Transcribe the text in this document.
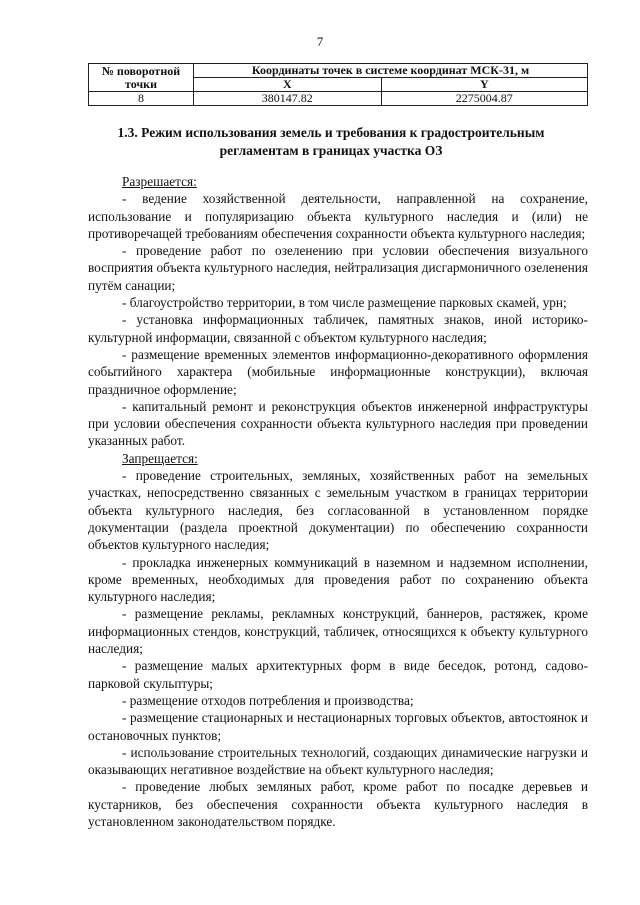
7
№ поворотной точки	Координаты точек в системе координат МСК-31, м	
	X	Y
8	380147.82	2275004.87
1.3. Режим использования земель и требования к градостроительным регламентам в границах участка ОЗ

Разрешается:

- ведение хозяйственной деятельности, направленной на сохранение, использование и популяризацию объекта культурного наследия и (или) не противоречащей требованиям обеспечения сохранности объекта культурного наследия;

- проведение работ по озеленению при условии обеспечения визуального восприятия объекта культурного наследия, нейтрализация дисгармоничного озеленения путём санации;

- благоустройство территории, в том числе размещение парковых скамей, урн;

- установка информационных табличек, памятных знаков, иной историко-культурной информации, связанной с объектом культурного наследия;

- размещение временных элементов информационно-декоративного оформления событийного характера (мобильные информационные конструкции), включая праздничное оформление;

- капитальный ремонт и реконструкция объектов инженерной инфраструктуры при условии обеспечения сохранности объекта культурного наследия при проведении указанных работ.

Запрещается:

- проведение строительных, земляных, хозяйственных работ на земельных участках, непосредственно связанных с земельным участком в границах территории объекта культурного наследия, без согласованной в установленном порядке документации (раздела проектной документации) по обеспечению сохранности объектов культурного наследия;

- прокладка инженерных коммуникаций в наземном и надземном исполнении, кроме временных, необходимых для проведения работ по сохранению объекта культурного наследия;

- размещение рекламы, рекламных конструкций, баннеров, растяжек, кроме информационных стендов, конструкций, табличек, относящихся к объекту культурного наследия;

- размещение малых архитектурных форм в виде беседок, ротонд, садово-парковой скульптуры;

- размещение отходов потребления и производства;

- размещение стационарных и нестационарных торговых объектов, автостоянок и остановочных пунктов;

- использование строительных технологий, создающих динамические нагрузки и оказывающих негативное воздействие на объект культурного наследия;

- проведение любых земляных работ, кроме работ по посадке деревьев и кустарников, без обеспечения сохранности объекта культурного наследия в установленном законодательством порядке.
